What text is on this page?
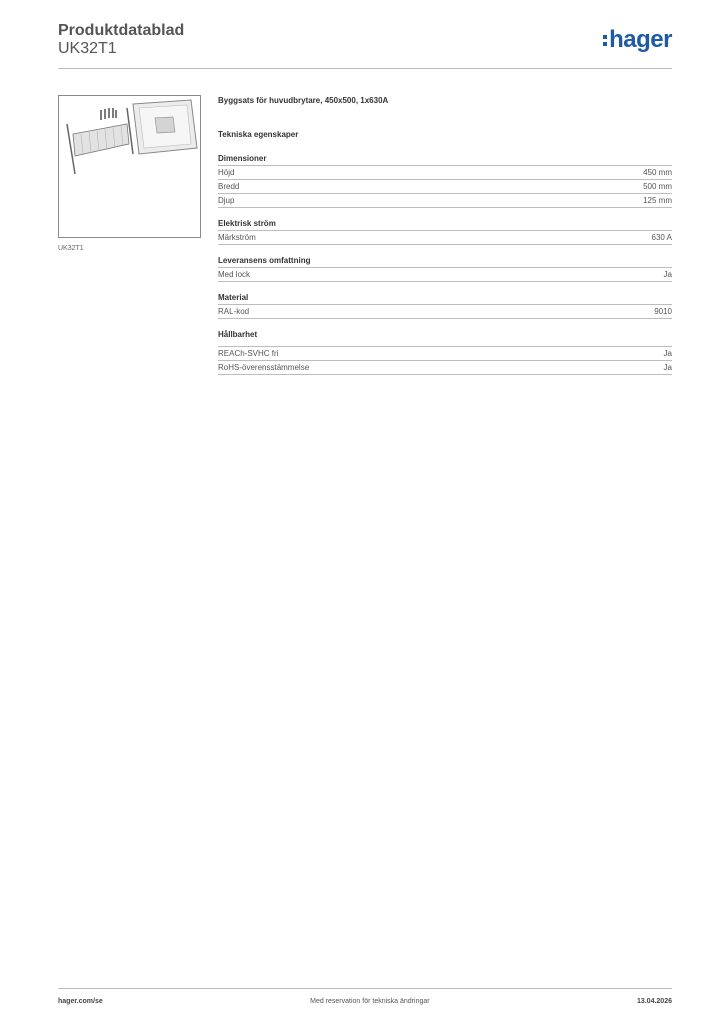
Produktdatablad
UK32T1	hager
UK32T1
Byggsats för huvudbrytare, 450x500, 1x630A
Tekniska egenskaper
Dimensioner
Höjd	450 mm
Bredd	500 mm
Djup	125 mm
Elektrisk ström
Märkström	630 A
Leveransens omfattning
Med lock	Ja
Material
RAL-kod	9010
Hållbarhet
REACh-SVHC fri	Ja
RoHS-överensstämmelse	Ja
hager.com/se	Med reservation för tekniska ändringar	13.04.2026
